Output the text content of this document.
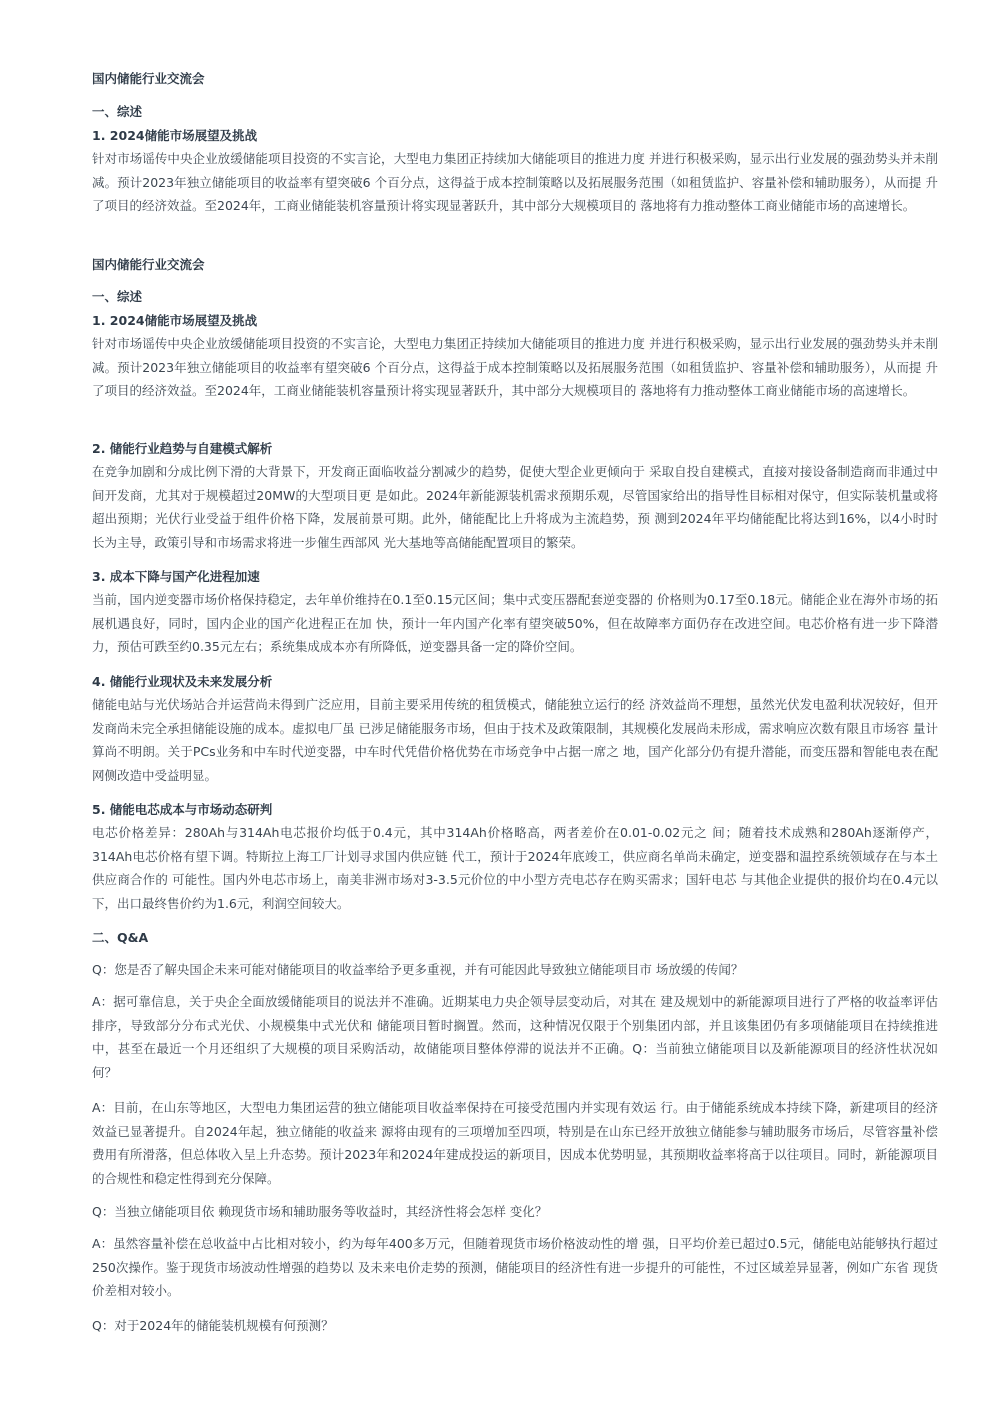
国内储能行业交流会
一、综述
1. 2024储能市场展望及挑战

针对市场谣传中央企业放缓储能项目投资的不实言论，大型电力集团正持续加大储能项目的推进力度 并进行积极采购，显示出行业发展的强劲势头并未削减。预计2023年独立储能项目的收益率有望突破6 个百分点，这得益于成本控制策略以及拓展服务范围（如租赁监护、容量补偿和辅助服务），从而提 升了项目的经济效益。至2024年，工商业储能装机容量预计将实现显著跃升，其中部分大规模项目的 落地将有力推动整体工商业储能市场的高速增长。

国内储能行业交流会
一、综述
1. 2024储能市场展望及挑战

针对市场谣传中央企业放缓储能项目投资的不实言论，大型电力集团正持续加大储能项目的推进力度 并进行积极采购，显示出行业发展的强劲势头并未削减。预计2023年独立储能项目的收益率有望突破6 个百分点，这得益于成本控制策略以及拓展服务范围（如租赁监护、容量补偿和辅助服务），从而提 升了项目的经济效益。至2024年，工商业储能装机容量预计将实现显著跃升，其中部分大规模项目的 落地将有力推动整体工商业储能市场的高速增长。

2. 储能行业趋势与自建模式解析

在竞争加剧和分成比例下滑的大背景下，开发商正面临收益分割减少的趋势，促使大型企业更倾向于 采取自投自建模式，直接对接设备制造商而非通过中间开发商，尤其对于规模超过20MW的大型项目更 是如此。2024年新能源装机需求预期乐观，尽管国家给出的指导性目标相对保守，但实际装机量或将 超出预期；光伏行业受益于组件价格下降，发展前景可期。此外，储能配比上升将成为主流趋势，预 测到2024年平均储能配比将达到16%，以4小时时长为主导，政策引导和市场需求将进一步催生西部风 光大基地等高储能配置项目的繁荣。

3. 成本下降与国产化进程加速

当前，国内逆变器市场价格保持稳定，去年单价维持在0.1至0.15元区间；集中式变压器配套逆变器的 价格则为0.17至0.18元。储能企业在海外市场的拓展机遇良好，同时，国内企业的国产化进程正在加 快，预计一年内国产化率有望突破50%，但在故障率方面仍存在改进空间。电芯价格有进一步下降潜 力，预估可跌至约0.35元左右；系统集成成本亦有所降低，逆变器具备一定的降价空间。

4. 储能行业现状及未来发展分析

储能电站与光伏场站合并运营尚未得到广泛应用，目前主要采用传统的租赁模式，储能独立运行的经 济效益尚不理想，虽然光伏发电盈利状况较好，但开发商尚未完全承担储能设施的成本。虚拟电厂虽 已涉足储能服务市场，但由于技术及政策限制，其规模化发展尚未形成，需求响应次数有限且市场容 量计算尚不明朗。关于PCs业务和中车时代逆变器，中车时代凭借价格优势在市场竞争中占据一席之 地，国产化部分仍有提升潜能，而变压器和智能电表在配网侧改造中受益明显。

5. 储能电芯成本与市场动态研判

电芯价格差异：280Ah与314Ah电芯报价均低于0.4元，其中314Ah价格略高，两者差价在0.01-0.02元之 间；随着技术成熟和280Ah逐渐停产，314Ah电芯价格有望下调。特斯拉上海工厂计划寻求国内供应链 代工，预计于2024年底竣工，供应商名单尚未确定，逆变器和温控系统领域存在与本土供应商合作的 可能性。国内外电芯市场上，南美非洲市场对3-3.5元价位的中小型方壳电芯存在购买需求；国轩电芯 与其他企业提供的报价均在0.4元以下，出口最终售价约为1.6元，利润空间较大。

二、Q&A

Q：您是否了解央国企未来可能对储能项目的收益率给予更多重视，并有可能因此导致独立储能项目市 场放缓的传闻？

A：据可靠信息，关于央企全面放缓储能项目的说法并不准确。近期某电力央企领导层变动后，对其在 建及规划中的新能源项目进行了严格的收益率评估排序，导致部分分布式光伏、小规模集中式光伏和 储能项目暂时搁置。然而，这种情况仅限于个别集团内部，并且该集团仍有多项储能项目在持续推进 中，甚至在最近一个月还组织了大规模的项目采购活动，故储能项目整体停滞的说法并不正确。Q：当前独立储能项目以及新能源项目的经济性状况如何？

A：目前，在山东等地区，大型电力集团运营的独立储能项目收益率保持在可接受范围内并实现有效运 行。由于储能系统成本持续下降，新建项目的经济效益已显著提升。自2024年起，独立储能的收益来 源将由现有的三项增加至四项，特别是在山东已经开放独立储能参与辅助服务市场后，尽管容量补偿 费用有所滑落，但总体收入呈上升态势。预计2023年和2024年建成投运的新项目，因成本优势明显，其预期收益率将高于以往项目。同时，新能源项目的合规性和稳定性得到充分保障。

Q：当独立储能项目依 赖现货市场和辅助服务等收益时，其经济性将会怎样 变化？

A：虽然容量补偿在总收益中占比相对较小，约为每年400多万元，但随着现货市场价格波动性的增 强，日平均价差已超过0.5元，储能电站能够执行超过250次操作。鉴于现货市场波动性增强的趋势以 及未来电价走势的预测，储能项目的经济性有进一步提升的可能性，不过区域差异显著，例如广东省 现货价差相对较小。

Q：对于2024年的储能装机规模有何预测？
